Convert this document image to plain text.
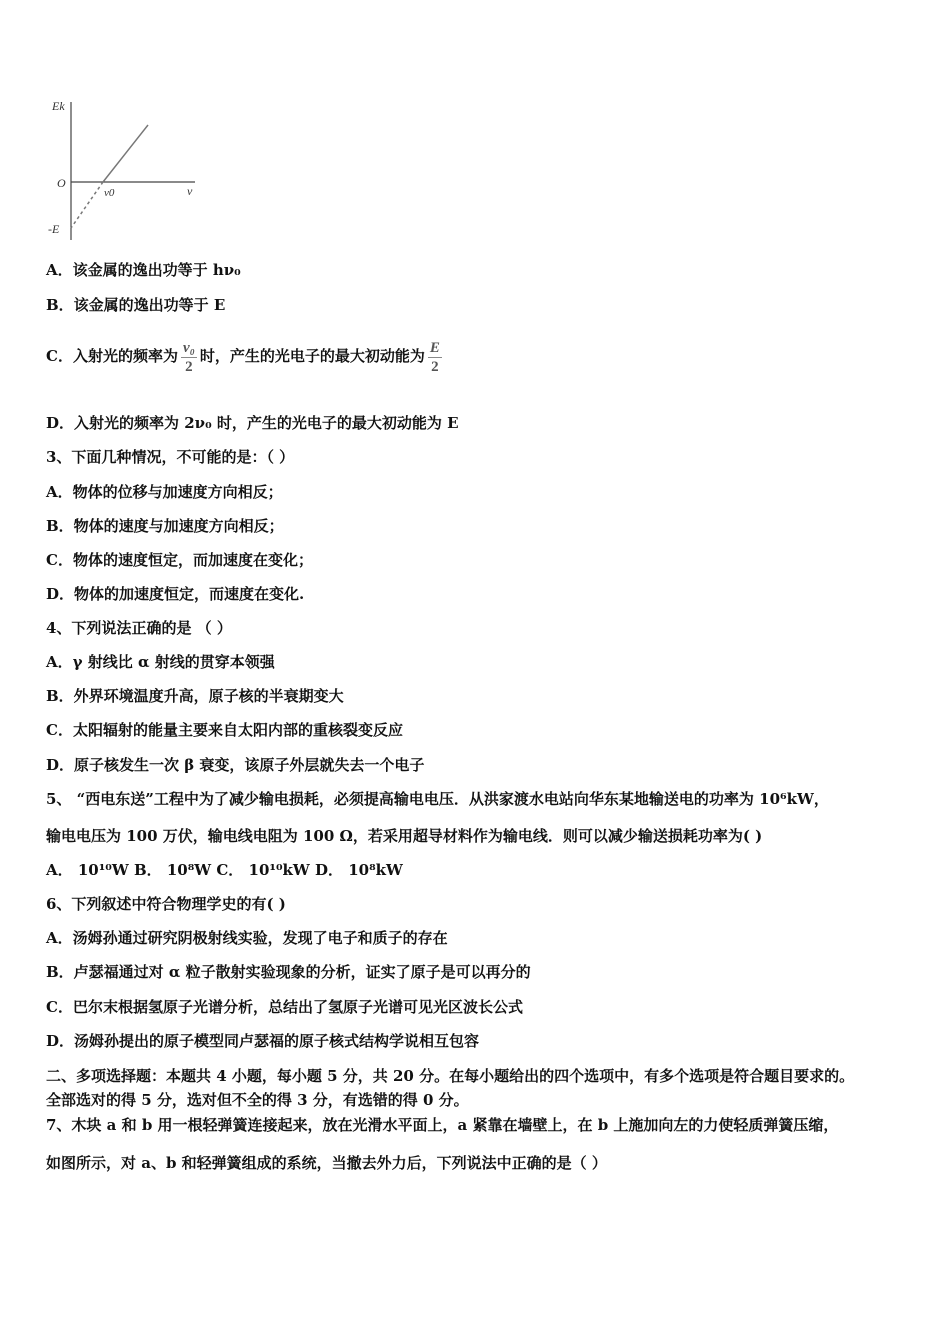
Ek
ν
O
ν0
-E
A．该金属的逸出功等于 hν₀
B．该金属的逸出功等于 E
C．入射光的频率为 $\frac{\text{ν₀}}{2}$ 时，产生的光电子的最大初动能为 $\frac{E}{2}$
D．入射光的频率为 2ν₀ 时，产生的光电子的最大初动能为 E
3、下面几种情况，不可能的是：（ ）
A．物体的位移与加速度方向相反；
B．物体的速度与加速度方向相反；
C．物体的速度恒定，而加速度在变化；
D．物体的加速度恒定，而速度在变化.
4、下列说法正确的是 （ ）
A．γ 射线比 α 射线的贯穿本领强
B．外界环境温度升高，原子核的半衰期变大
C．太阳辐射的能量主要来自太阳内部的重核裂变反应
D．原子核发生一次 β 衰变，该原子外层就失去一个电子
5、 “西电东送”工程中为了减少输电损耗，必须提高输电电压．从洪家渡水电站向华东某地输送电的功率为 10⁶kW，
输电电压为 100 万伏，输电线电阻为 100 Ω，若采用超导材料作为输电线．则可以减少输送损耗功率为( )
A． 10¹⁰W B． 10⁸W C． 10¹⁰kW D． 10⁸kW
6、下列叙述中符合物理学史的有( )
A．汤姆孙通过研究阴极射线实验，发现了电子和质子的存在
B．卢瑟福通过对 α 粒子散射实验现象的分析，证实了原子是可以再分的
C．巴尔末根据氢原子光谱分析，总结出了氢原子光谱可见光区波长公式
D．汤姆孙提出的原子模型同卢瑟福的原子核式结构学说相互包容
二、多项选择题：本题共 4 小题，每小题 5 分，共 20 分。在每小题给出的四个选项中，有多个选项是符合题目要求的。
全部选对的得 5 分，选对但不全的得 3 分，有选错的得 0 分。
7、木块 a 和 b 用一根轻弹簧连接起来，放在光滑水平面上，a 紧靠在墙壁上，在 b 上施加向左的力使轻质弹簧压缩，
如图所示，对 a、b 和轻弹簧组成的系统，当撤去外力后，下列说法中正确的是（ ）
